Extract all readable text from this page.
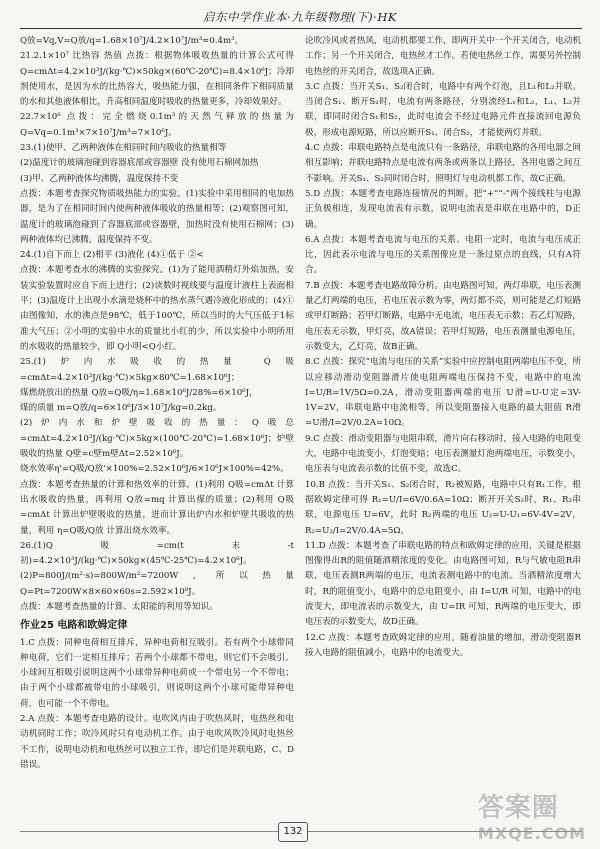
启东中学作业本·九年级物理(下)·HK

Q放=Vq,V=Q放/q=1.68×10⁷J/4.2×10⁷J/m³≈0.4m³。

21.2.1×10⁷ 比热容 热值 点拨：根据物体吸收热量的计算公式可得 Q=cmΔt=4.2×10³J/(kg·℃)×50kg×(60℃-20℃)=8.4×10⁶J；冷却剂使用水，是因为水的比热容大，吸热能力强，在相同条件下相同质量的水和其他液体相比，升高相同温度时吸收的热量更多，冷却效果好。

22.7×10⁶ 点拨：完全燃烧0.1m³的天然气释放的热量为 Q=Vq=0.1m³×7×10⁷J/m³=7×10⁶J。

23.(1)使甲、乙两种液体在相同时间内吸收的热量相等

(2)温度计的玻璃泡碰到容器底部或容器壁 没有使用石棉网加热

(3)甲、乙两种液体均沸腾，温度保持不变

点拨：本题考查探究物质吸热能力的实验。(1)实验中采用相同的电加热器，是为了在相同时间内使两种液体吸收的热量相等；(2)观察图可知，温度计的玻璃泡碰到了容器底部或容器壁，加热时没有使用石棉网；(3)两种液体均已沸腾，温度保持不变。

24.(1)自下而上 (2)相平 (3)液化 (4)①低于 ②<

点拨：本题考查水的沸腾的实验探究。(1)为了能用酒精灯外焰加热，安装实验装置时应自下而上进行；(2)读数时视线要与温度计液柱上表面相平；(3)温度计上出现小水滴是烧杯中的热水蒸气遇冷液化形成的；(4)①由图像知，水的沸点是98℃，低于100℃，所以当时的大气压低于1标准大气压；②小明的实验中水的质量比小红的少，所以实验中小明所用的水吸收的热量较少，即 Q小明<Q小红。

25.(1)炉内水吸收的热量 Q吸=cmΔt=4.2×10³J/(kg·℃)×5kg×80℃=1.68×10⁶J；

煤燃烧放出的热量 Q放=Q吸/η=1.68×10⁶J/28%=6×10⁶J，

煤的质量 m=Q放/q=6×10⁶J/3×10⁷J/kg=0.2kg。

(2)炉内水和炉壁吸收的热量：Q吸总=cmΔt=4.2×10³J/(kg·℃)×5kg×(100℃-20℃)=1.68×10⁶J；炉壁吸收的热量 Q壁=c壁m壁Δt=2.52×10⁶J。

烧水效率η'=Q吸/Q放'×100%=2.52×10⁶J/6×10⁶J×100%=42%。

点拨：本题考查热量的计算和热效率的计算。(1)利用 Q吸=cmΔt 计算出水吸收的热量，再利用 Q放=mq 计算出煤的质量；(2)利用 Q吸=cmΔt 计算出炉壁吸收的热量，进而计算出炉内水和炉壁共吸收的热量，利用 η=Q吸/Q放 计算出烧水效率。

26.(1)Q吸=cm(t末-t初)=4.2×10³J/(kg·℃)×50kg×(45℃-25℃)=4.2×10⁶J。

(2)P=800J/(m²·s)=800W/m²=7200W，所以热量 Q=Pt=7200W×8×60×60s=2.592×10⁸J。

点拨：本题考查热量的计算、太阳能的利用等知识。

作业25 电路和欧姆定律

1.C 点拨：同种电荷相互排斥，异种电荷相互吸引。若有两个小球带同种电荷，它们一定相互排斥；若两个小球都不带电，则它们不会吸引。小球间互相吸引说明这两个小球带异种电荷或一个带电另一个不带电；由于两个小球都被带电的小球吸引，则说明这两个小球可能带异种电荷，也可能一个不带电。

2.A 点拨：本题考查电路的设计。电吹风内由于吹热风时，电热丝和电动机同时工作；吹冷风时只有电动机工作。由于电吹风吹冷风时电热丝不工作，说明电动机和电热丝可以独立工作，即它们是并联电路，C、D错误。

论吹冷风或者热风，电动机都要工作，即两开关中一个开关闭合，电动机工作；另一个开关闭合，电热丝才工作。若使电热丝工作，需要另外控制电热丝的开关闭合，故选项A正确。

3.C 点拨：当开关S₁、S₂闭合时，电路中有两个灯泡，且L₁和L₂并联。当闭合S₁、断开S₂时，电流有两条路径，分别流经L₁和L₂，L₁、L₂并联，即同时闭合S₁和S₂，此时电流会不经过电路元件直接流回电源负极，形成电源短路，所以应断开S₁、闭合S₂，才能使两灯并联。

4.C 点拨：串联电路特点是电流只有一条路径，串联电路的各用电器之间相互影响；并联电路特点是电流有两条或两条以上路径，各用电器之间互不影响。开关S₁、S₂同时闭合时，照明灯与电动机都工作，故C正确。

5.D 点拨：本题考查电路连接情况的判断。把“+”“-”两个接线柱与电源正负极相连，发现电流表有示数，说明电流表是串联在电路中的，D正确。

6.A 点拨：本题考查电流与电压的关系。电阻一定时，电流与电压成正比，因此表示电流与电压的关系图像应是一条过原点的直线，只有A符合。

7.B 点拨：本题考查电路故障分析。由电路图可知，两灯串联，电压表测量乙灯两端的电压，若电压表示数为零，两灯都不亮，则可能是乙灯短路或甲灯断路；若甲灯断路，电路中无电流，电压表无示数；若乙灯短路，电压表无示数，甲灯亮，故A错误；若甲灯短路，电压表测量电源电压，示数变大，乙灯亮，故B正确。

8.C 点拨：探究“电流与电压的关系”实验中应控制电阻两端电压不变，所以应移动滑动变阻器滑片使电阻两端电压保持不变，电路中的电流 I=U/R=1V/5Ω=0.2A，滑动变阻器两端的电压 U滑=U-U定=3V-1V=2V，串联电路中电流相等，所以变阻器接入电路的最大阻值 R滑=U滑/I=2V/0.2A=10Ω。

9.C 点拨：滑动变阻器与电阻串联，滑片向右移动时，接入电路的电阻变大，电路中电流变小，灯泡变暗；电压表测量灯泡两端电压，示数变小，电压表与电流表示数的比值不变，故选C。

10.B 点拨：当开关S₁、S₂闭合时，R₂被短路，电路中只有R₁工作，根据欧姆定律可得 R₁=U/I=6V/0.6A=10Ω；断开开关S₂时，R₁、R₂串联，电源电压 U=6V，此时 R₂两端的电压 U₂=U-U₁=6V-4V=2V，R₂=U₂/I=2V/0.4A=5Ω。

11.D 点拨：本题考查了串联电路的特点和欧姆定律的应用，关键是根据图像得出R的阻值随酒精浓度的变化。由电路图可知，R与气敏电阻R串联，电压表测R两端的电压，电流表测电路中的电流。当酒精浓度增大时，R的阻值变小，电路中的总电阻变小，由 I=U/R 可知，电路中的电流变大，即电流表的示数变大，由 U=IR 可知，R两端的电压变大，即电压表的示数变大，故D正确。

12.C 点拨：本题考查欧姆定律的应用。随着油量的增加，滑动变阻器R接入电路的阻值减小，电路中的电流变大。

132
答案圈
MXQE.COM
